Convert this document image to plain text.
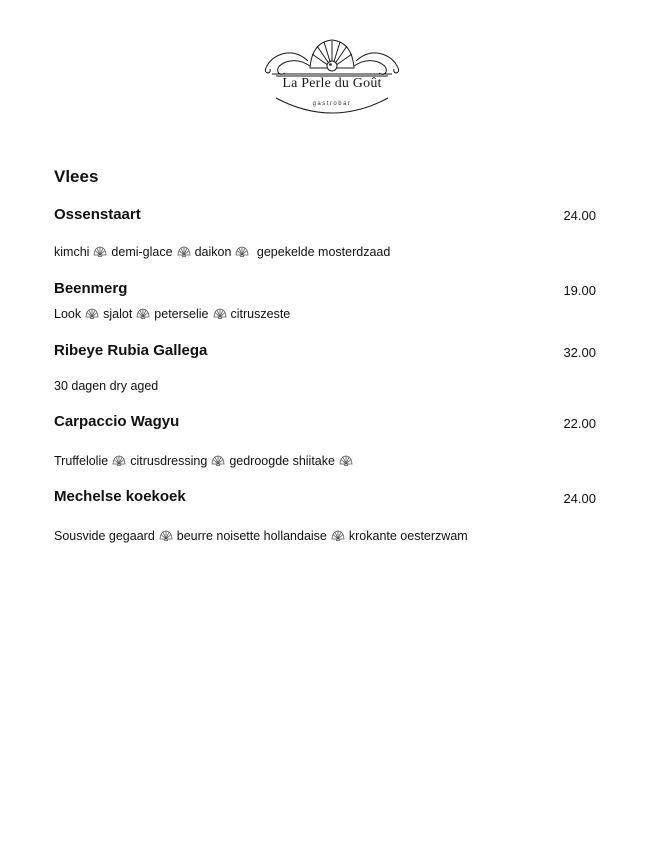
La Perle du Goût
gastrobar
Vlees
Ossenstaart	24.00
kimchi demi-glace daikon gepekelde mosterdzaad
Beenmerg	19.00
Look sjalot peterselie citruszeste
Ribeye Rubia Gallega	32.00
30 dagen dry aged
Carpaccio Wagyu	22.00
Truffelolie citrusdressing gedroogde shiitake
Mechelse koekoek	24.00
Sousvide gegaard beurre noisette hollandaise krokante oesterzwam
